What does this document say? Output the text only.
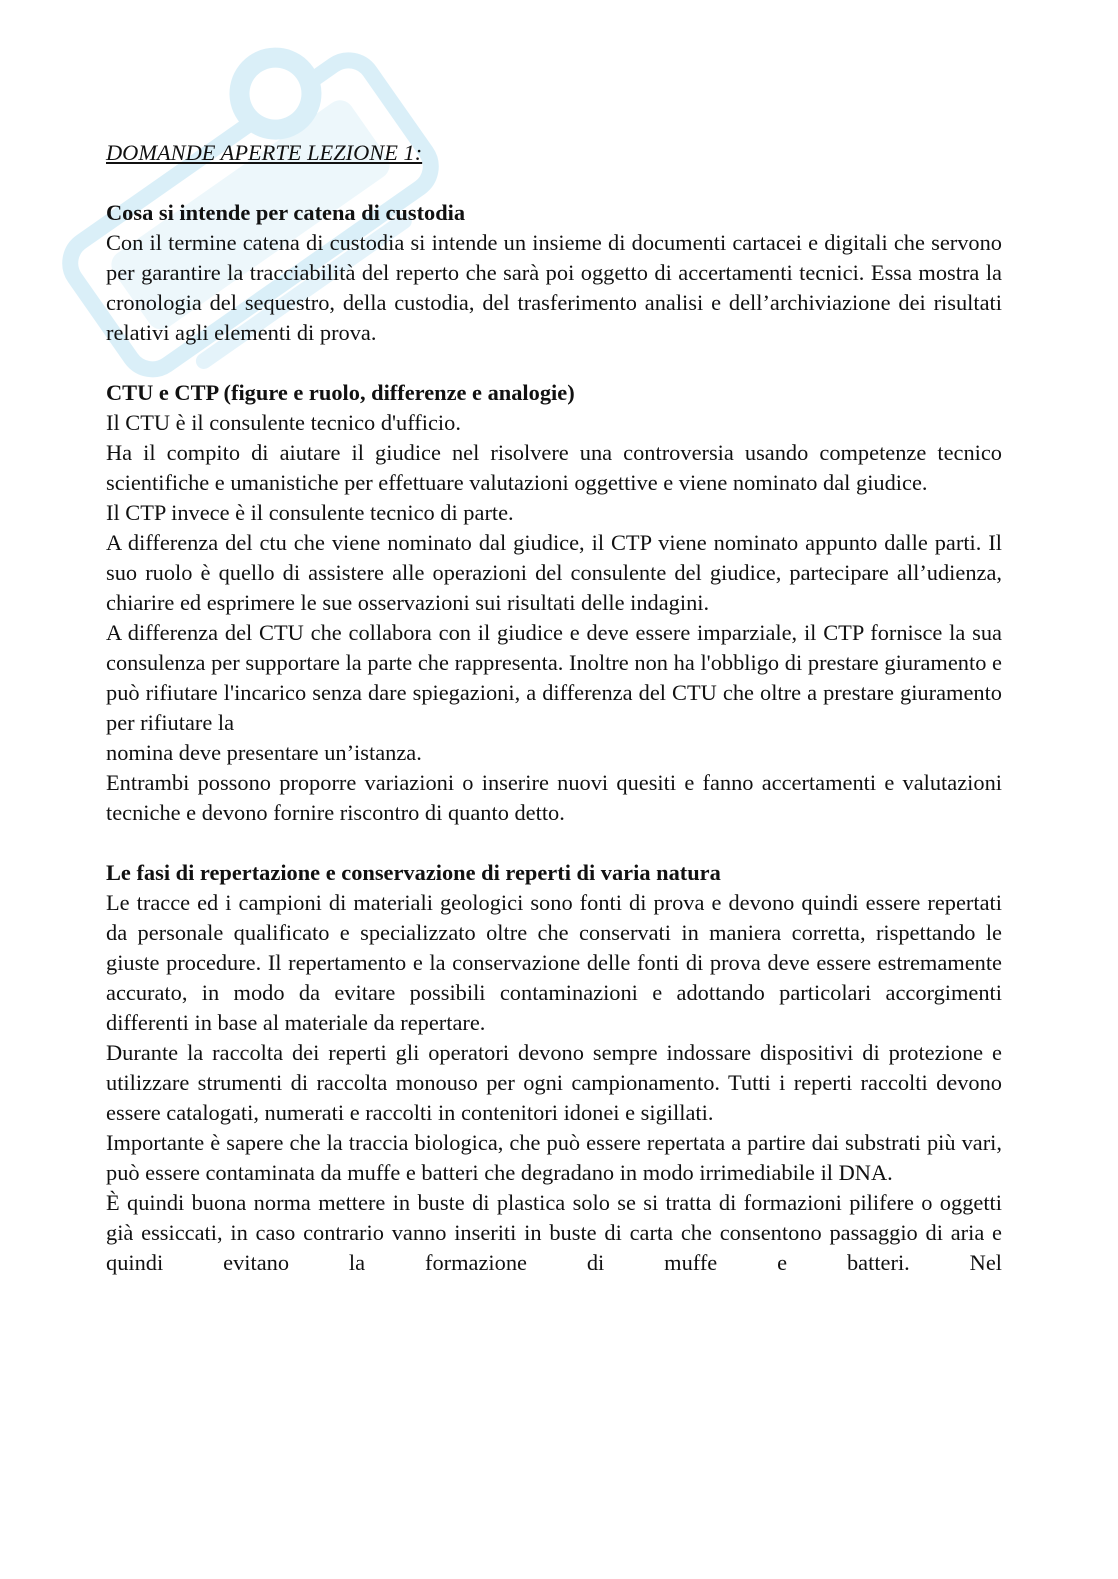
DOMANDE APERTE LEZIONE 1:

Cosa si intende per catena di custodia

Con il termine catena di custodia si intende un insieme di documenti cartacei e digitali che servono per garantire la tracciabilità del reperto che sarà poi oggetto di accertamenti tecnici. Essa mostra la cronologia del sequestro, della custodia, del trasferimento analisi e dell’archiviazione dei risultati relativi agli elementi di prova.

CTU e CTP (figure e ruolo, differenze e analogie)

Il CTU è il consulente tecnico d'ufficio.

Ha il compito di aiutare il giudice nel risolvere una controversia usando competenze tecnico scientifiche e umanistiche per effettuare valutazioni oggettive e viene nominato dal giudice.

Il CTP invece è il consulente tecnico di parte.

A differenza del ctu che viene nominato dal giudice, il CTP viene nominato appunto dalle parti. Il suo ruolo è quello di assistere alle operazioni del consulente del giudice, partecipare all’udienza, chiarire ed esprimere le sue osservazioni sui risultati delle indagini.

A differenza del CTU che collabora con il giudice e deve essere imparziale, il CTP fornisce la sua consulenza per supportare la parte che rappresenta. Inoltre non ha l'obbligo di prestare giuramento e può rifiutare l'incarico senza dare spiegazioni, a differenza del CTU che oltre a prestare giuramento per rifiutare la

nomina deve presentare un’istanza.

Entrambi possono proporre variazioni o inserire nuovi quesiti e fanno accertamenti e valutazioni tecniche e devono fornire riscontro di quanto detto.

Le fasi di repertazione e conservazione di reperti di varia natura

Le tracce ed i campioni di materiali geologici sono fonti di prova e devono quindi essere repertati da personale qualificato e specializzato oltre che conservati in maniera corretta, rispettando le giuste procedure. Il repertamento e la conservazione delle fonti di prova deve essere estremamente accurato, in modo da evitare possibili contaminazioni e adottando particolari accorgimenti differenti in base al materiale da repertare.

Durante la raccolta dei reperti gli operatori devono sempre indossare dispositivi di protezione e utilizzare strumenti di raccolta monouso per ogni campionamento. Tutti i reperti raccolti devono essere catalogati, numerati e raccolti in contenitori idonei e sigillati.

Importante è sapere che la traccia biologica, che può essere repertata a partire dai substrati più vari, può essere contaminata da muffe e batteri che degradano in modo irrimediabile il DNA.

È quindi buona norma mettere in buste di plastica solo se si tratta di formazioni pilifere o oggetti già essiccati, in caso contrario vanno inseriti in buste di carta che consentono passaggio di aria e quindi evitano la formazione di muffe e batteri. Nel
